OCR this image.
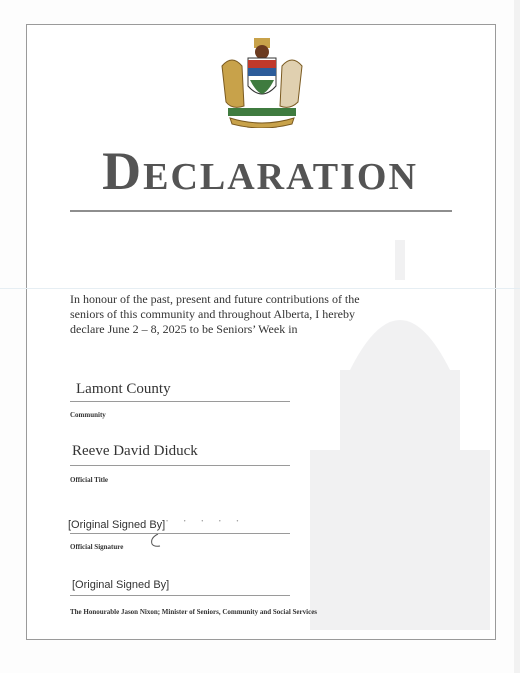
Declaration
In honour of the past, present and future contributions of the seniors of this community and throughout Alberta, I hereby declare June 2 – 8, 2025 to be Seniors’ Week in
Lamont County
Community
Reeve David Diduck
Official Title
[Original Signed By] • • • • •
Official Signature
[Original Signed By]
The Honourable Jason Nixon; Minister of Seniors, Community and Social Services
